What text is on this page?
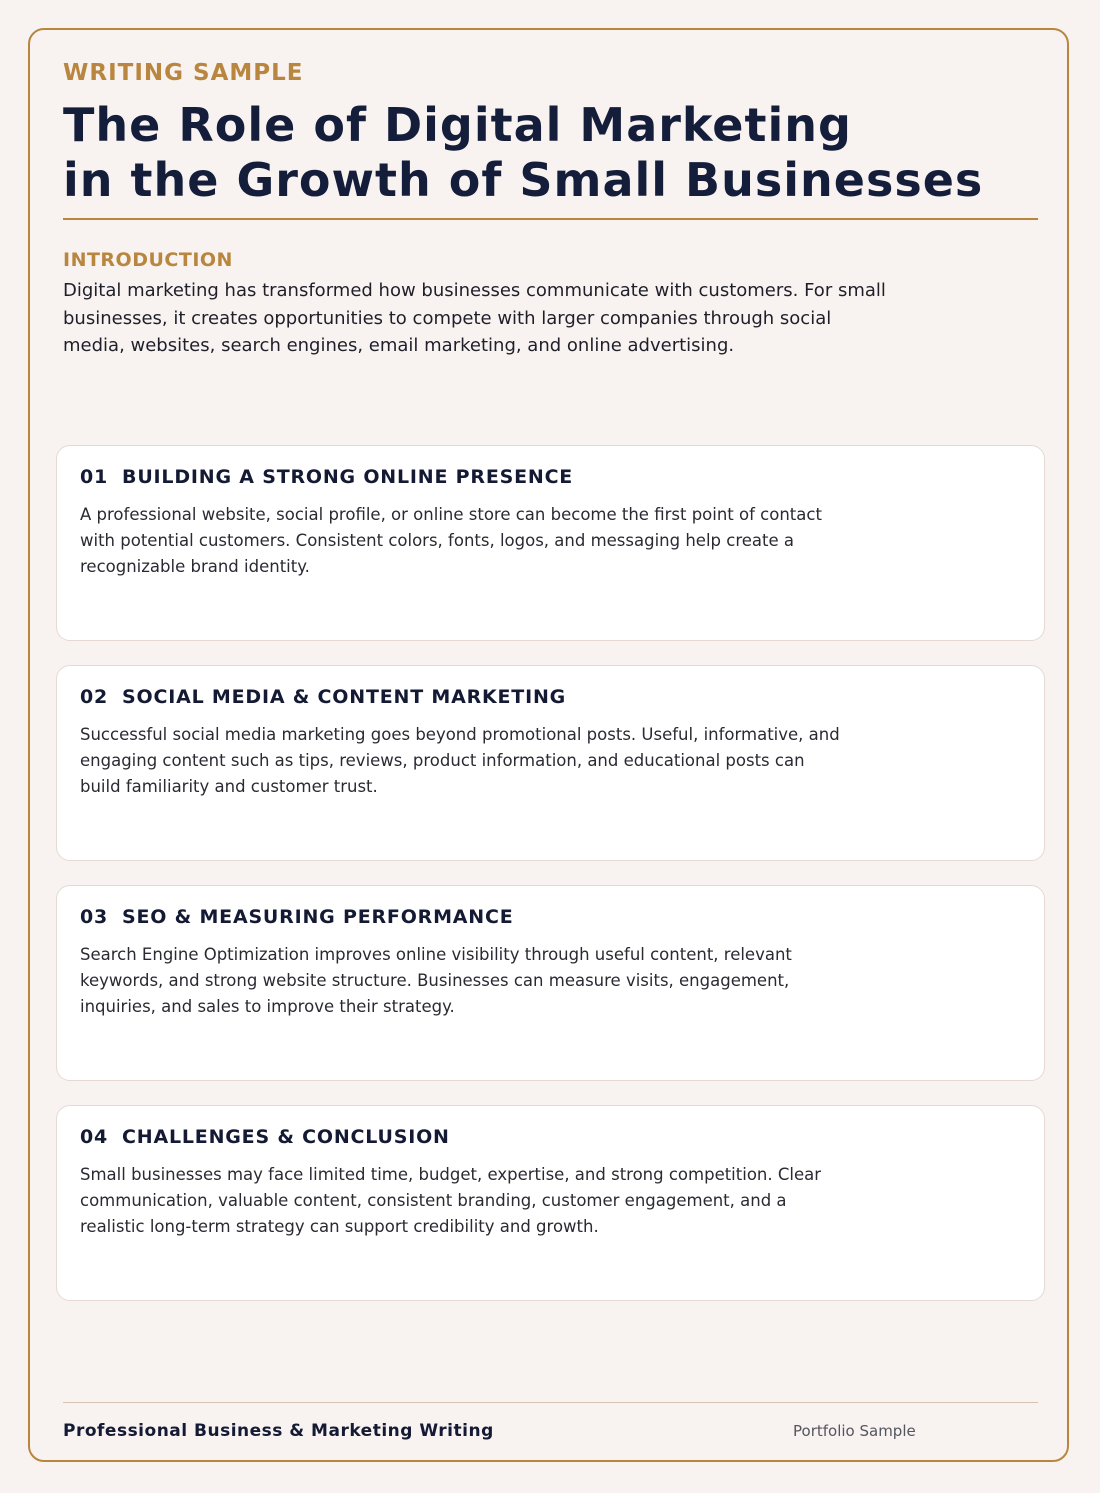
WRITING SAMPLE
The Role of Digital Marketing
in the Growth of Small Businesses
INTRODUCTION

Digital marketing has transformed how businesses communicate with customers. For small businesses, it creates opportunities to compete with larger companies through social media, websites, search engines, email marketing, and online advertising.

01 BUILDING A STRONG ONLINE PRESENCE

A professional website, social profile, or online store can become the first point of contact with potential customers. Consistent colors, fonts, logos, and messaging help create a recognizable brand identity.

02 SOCIAL MEDIA & CONTENT MARKETING

Successful social media marketing goes beyond promotional posts. Useful, informative, and engaging content such as tips, reviews, product information, and educational posts can build familiarity and customer trust.

03 SEO & MEASURING PERFORMANCE

Search Engine Optimization improves online visibility through useful content, relevant keywords, and strong website structure. Businesses can measure visits, engagement, inquiries, and sales to improve their strategy.

04 CHALLENGES & CONCLUSION

Small businesses may face limited time, budget, expertise, and strong competition. Clear communication, valuable content, consistent branding, customer engagement, and a realistic long-term strategy can support credibility and growth.

Professional Business & Marketing Writing	Portfolio Sample
